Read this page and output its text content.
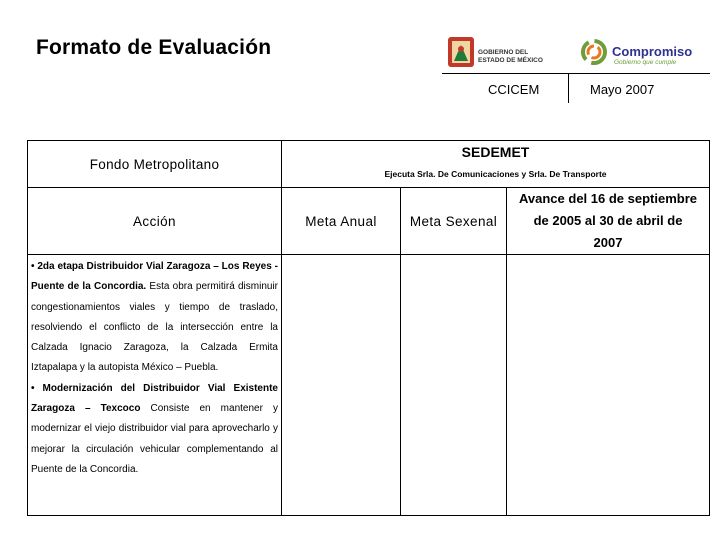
Formato de Evaluación	GOBIERNO DEL
ESTADO DE MÉXICO
Compromiso
Gobierno que cumple
CCICEM	Mayo 2007
Fondo Metropolitano	SEDEMET
Ejecuta Srla. De Comunicaciones y Srla. De Transporte		

Acción	Meta Anual	Meta Sexenal	Avance del 16 de septiembre
de 2005 al 30 de abril de
2007

• 2da etapa Distribuidor Vial Zaragoza – Los Reyes - Puente de la Concordia. Esta obra permitirá disminuir congestionamientos viales y tiempo de traslado, resolviendo el conflicto de la intersección entre la Calzada Ignacio Zaragoza, la Calzada Ermita Iztapalapa y la autopista México – Puebla.
• Modernización del Distribuidor Vial Existente Zaragoza – Texcoco Consiste en mantener y modernizar el viejo distribuidor vial para aprovecharlo y mejorar la circulación vehicular complementando al Puente de la Concordia.			
